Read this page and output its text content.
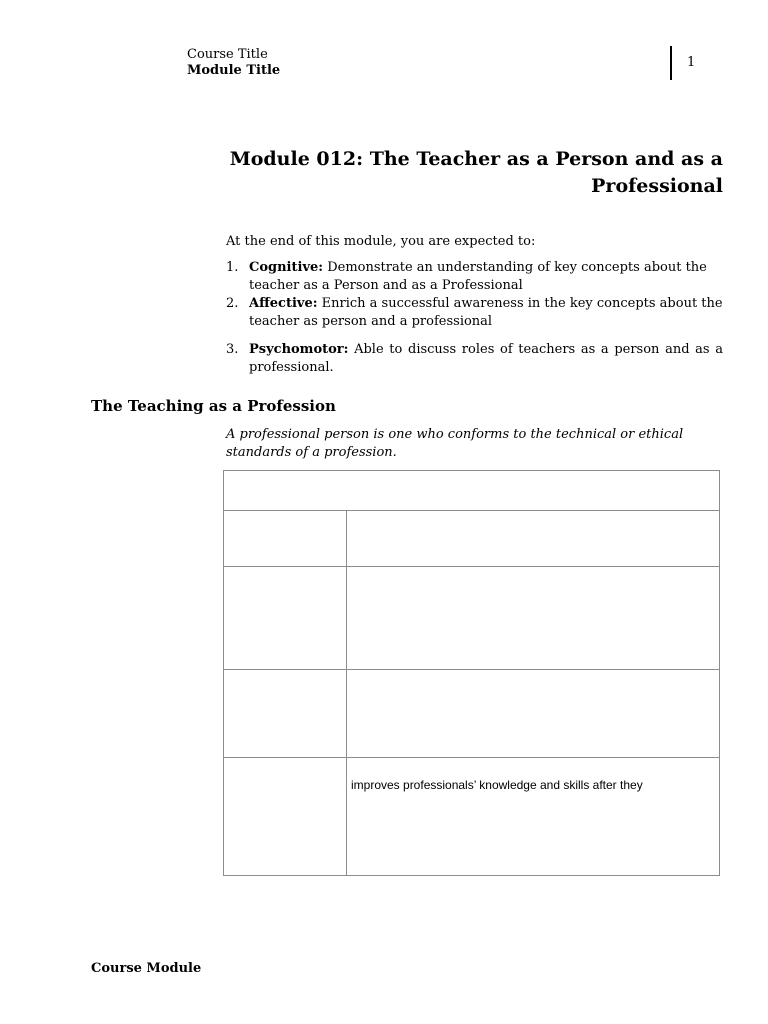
Course Title
Module Title
1
Module 012: The Teacher as a Person and as a
Professional
At the end of this module, you are expected to:
1. Cognitive: Demonstrate an understanding of key concepts about the teacher as a Person and as a Professional
2. Affective: Enrich a successful awareness in the key concepts about the teacher as person and a professional
3. Psychomotor: Able to discuss roles of teachers as a person and as a professional.
The Teaching as a Profession
A professional person is one who conforms to the technical or ethical standards of a profession.
improves professionals’ knowledge and skills after they
Course Module
